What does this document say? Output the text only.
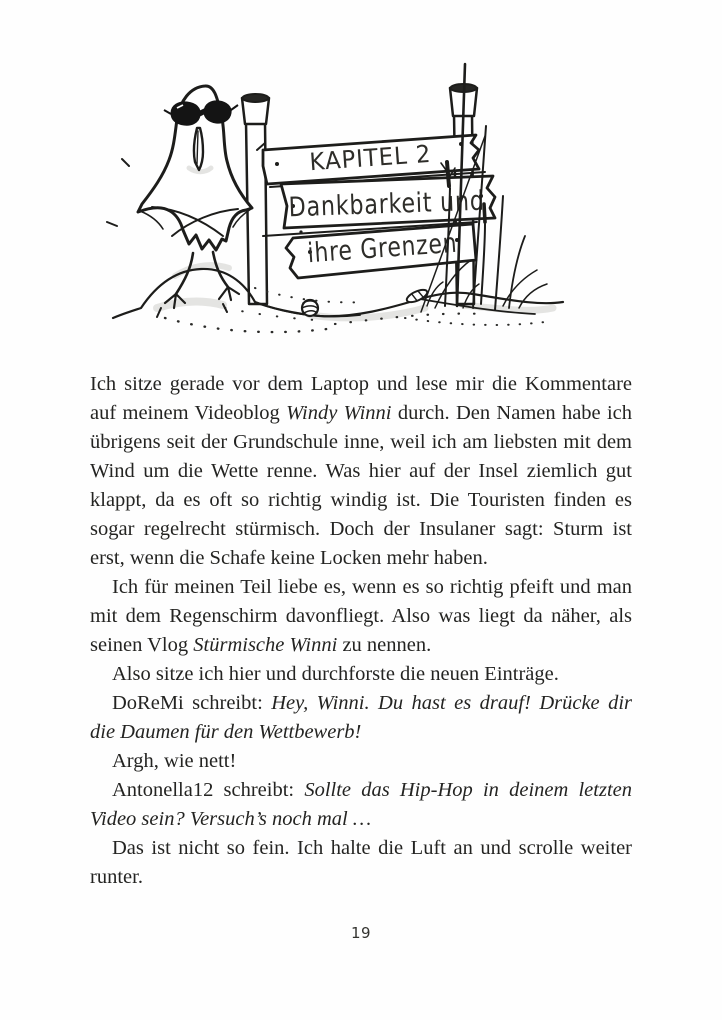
KAPITEL 2
Dankbarkeit und
ihre Grenzen

Ich sitze gerade vor dem Laptop und lese mir die Kommentare auf meinem Videoblog Windy Winni durch. Den Namen habe ich übrigens seit der Grundschule inne, weil ich am liebsten mit dem Wind um die Wette renne. Was hier auf der Insel ziemlich gut klappt, da es oft so richtig windig ist. Die Touristen finden es sogar regelrecht stürmisch. Doch der Insulaner sagt: Sturm ist erst, wenn die Schafe keine Locken mehr haben.

Ich für meinen Teil liebe es, wenn es so richtig pfeift und man mit dem Regenschirm davonfliegt. Also was liegt da näher, als seinen Vlog Stürmische Winni zu nennen.

Also sitze ich hier und durchforste die neuen Einträge.

DoReMi schreibt: Hey, Winni. Du hast es drauf! Drücke dir die Daumen für den Wettbewerb!

Argh, wie nett!

Antonella12 schreibt: Sollte das Hip-Hop in deinem letzten Video sein? Versuch’s noch mal …

Das ist nicht so fein. Ich halte die Luft an und scrolle weiter runter.

19
